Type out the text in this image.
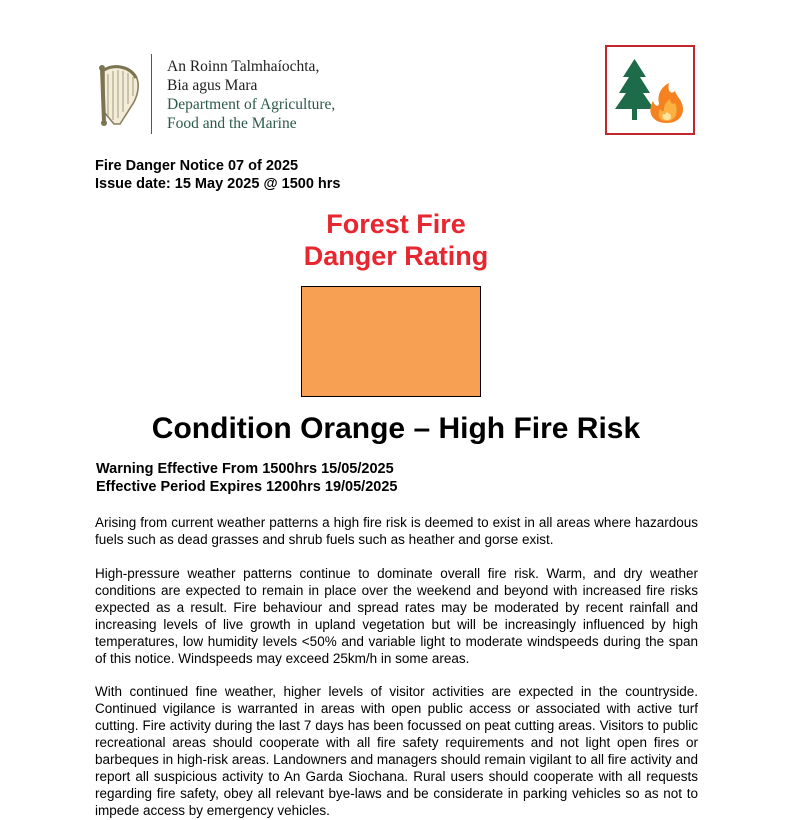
An Roinn Talmhaíochta,
Bia agus Mara
Department of Agriculture,
Food and the Marine
Fire Danger Notice 07 of 2025
Issue date: 15 May 2025 @ 1500 hrs
Forest Fire
Danger Rating
Condition Orange – High Fire Risk
Warning Effective From 1500hrs 15/05/2025
Effective Period Expires 1200hrs 19/05/2025

Arising from current weather patterns a high fire risk is deemed to exist in all areas where hazardous fuels such as dead grasses and shrub fuels such as heather and gorse exist.

High-pressure weather patterns continue to dominate overall fire risk. Warm, and dry weather conditions are expected to remain in place over the weekend and beyond with increased fire risks expected as a result. Fire behaviour and spread rates may be moderated by recent rainfall and increasing levels of live growth in upland vegetation but will be increasingly influenced by high temperatures, low humidity levels <50% and variable light to moderate windspeeds during the span of this notice. Windspeeds may exceed 25km/h in some areas.

With continued fine weather, higher levels of visitor activities are expected in the countryside. Continued vigilance is warranted in areas with open public access or associated with active turf cutting. Fire activity during the last 7 days has been focussed on peat cutting areas. Visitors to public recreational areas should cooperate with all fire safety requirements and not light open fires or barbeques in high-risk areas. Landowners and managers should remain vigilant to all fire activity and report all suspicious activity to An Garda Siochana. Rural users should cooperate with all requests regarding fire safety, obey all relevant bye-laws and be considerate in parking vehicles so as not to impede access by emergency vehicles.
